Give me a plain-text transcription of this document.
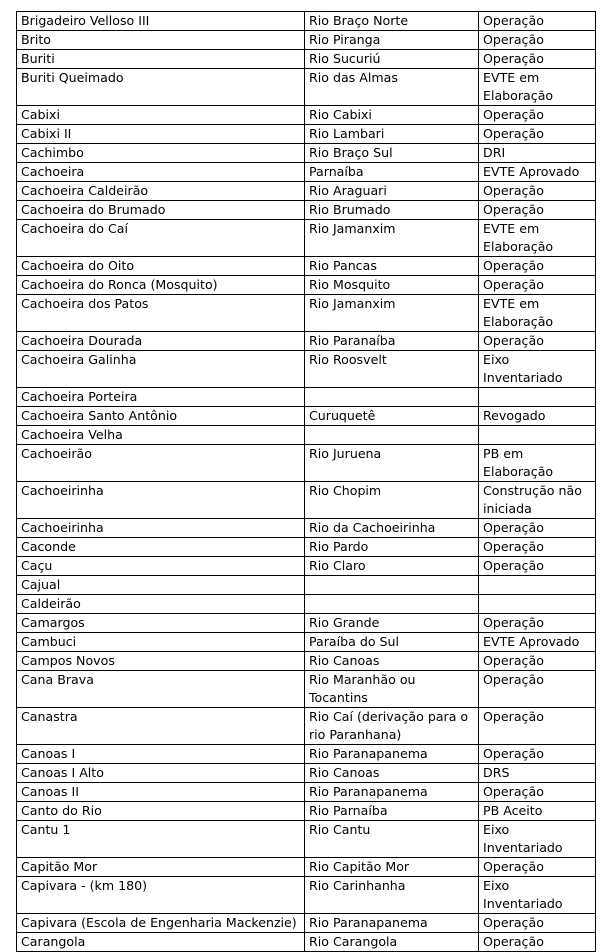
Brigadeiro Velloso III	Rio Braço Norte	Operação
Brito	Rio Piranga	Operação
Buriti	Rio Sucuriú	Operação
Buriti Queimado	Rio das Almas	EVTE em Elaboração
Cabixi	Rio Cabixi	Operação
Cabixi II	Rio Lambari	Operação
Cachimbo	Rio Braço Sul	DRI
Cachoeira	Parnaíba	EVTE Aprovado
Cachoeira Caldeirão	Rio Araguari	Operação
Cachoeira do Brumado	Rio Brumado	Operação
Cachoeira do Caí	Rio Jamanxim	EVTE em Elaboração
Cachoeira do Oito	Rio Pancas	Operação
Cachoeira do Ronca (Mosquito)	Rio Mosquito	Operação
Cachoeira dos Patos	Rio Jamanxim	EVTE em Elaboração
Cachoeira Dourada	Rio Paranaíba	Operação
Cachoeira Galinha	Rio Roosvelt	Eixo Inventariado
Cachoeira Porteira		
Cachoeira Santo Antônio	Curuquetê	Revogado
Cachoeira Velha		
Cachoeirão	Rio Juruena	PB em Elaboração
Cachoeirinha	Rio Chopim	Construção não iniciada
Cachoeirinha	Rio da Cachoeirinha	Operação
Caconde	Rio Pardo	Operação
Caçu	Rio Claro	Operação
Cajual		
Caldeirão		
Camargos	Rio Grande	Operação
Cambuci	Paraíba do Sul	EVTE Aprovado
Campos Novos	Rio Canoas	Operação
Cana Brava	Rio Maranhão ou Tocantins	Operação
Canastra	Rio Caí (derivação para o rio Paranhana)	Operação
Canoas I	Rio Paranapanema	Operação
Canoas I Alto	Rio Canoas	DRS
Canoas II	Rio Paranapanema	Operação
Canto do Rio	Rio Parnaíba	PB Aceito
Cantu 1	Rio Cantu	Eixo Inventariado
Capitão Mor	Rio Capitão Mor	Operação
Capivara - (km 180)	Rio Carinhanha	Eixo Inventariado
Capivara (Escola de Engenharia Mackenzie)	Rio Paranapanema	Operação
Carangola	Rio Carangola	Operação
